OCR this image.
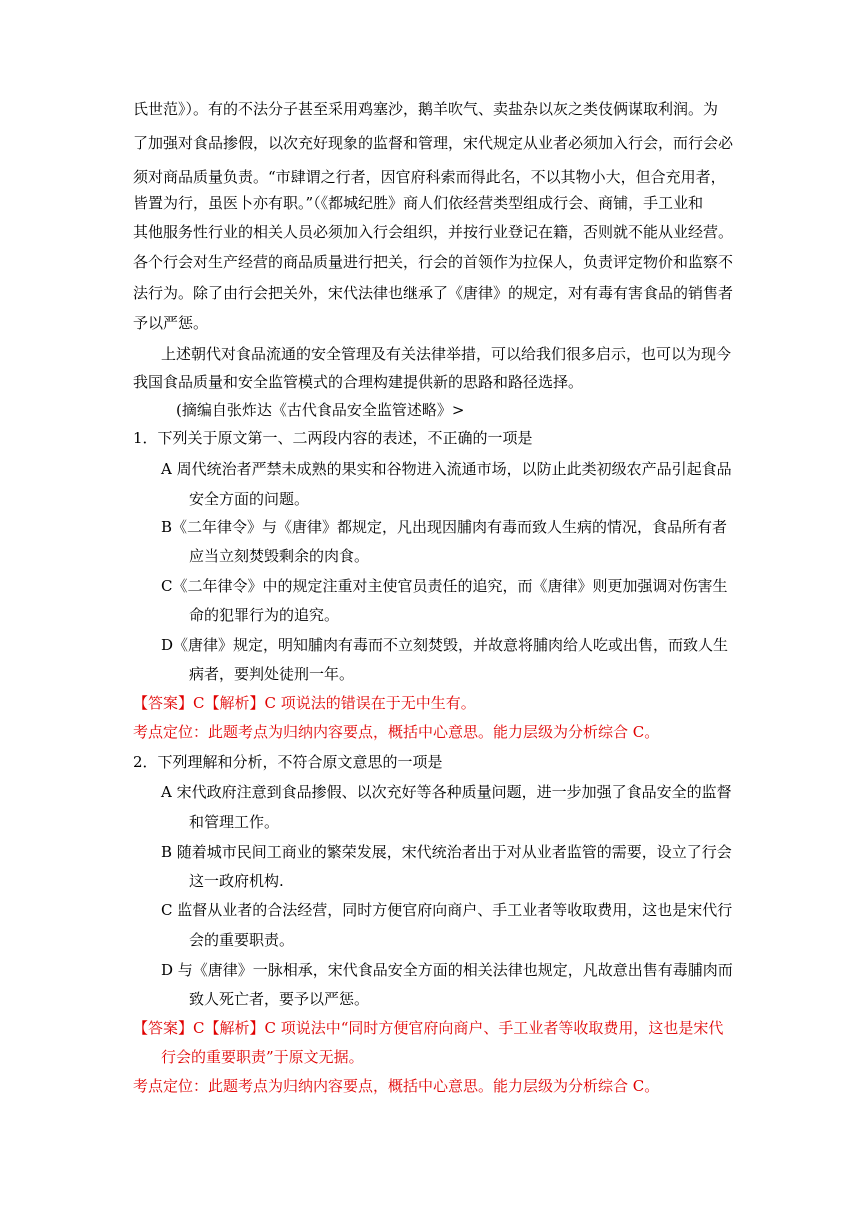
氏世范》）。有的不法分子甚至采用鸡塞沙，鹅羊吹气、卖盐杂以灰之类伎俩谋取利润。为
了加强对食品掺假，以次充好现象的监督和管理，宋代规定从业者必须加入行会，而行会必
须对商品质量负责。“市肆谓之行者，因官府科索而得此名，不以其物小大，但合充用者，
皆置为行，虽医卜亦有职。”（《都城纪胜》商人们依经营类型组成行会、商铺，手工业和
其他服务性行业的相关人员必须加入行会组织，并按行业登记在籍，否则就不能从业经营。
各个行会对生产经营的商品质量进行把关，行会的首领作为拉保人，负责评定物价和监察不
法行为。除了由行会把关外，宋代法律也继承了《唐律》的规定，对有毒有害食品的销售者
予以严惩。
上述朝代对食品流通的安全管理及有关法律举措，可以给我们很多启示，也可以为现今
我国食品质量和安全监管模式的合理构建提供新的思路和路径选择。
(摘编自张炸达《古代食品安全监管述略》>
1．下列关于原文第一、二两段内容的表述，不正确的一项是
A 周代统治者严禁未成熟的果实和谷物进入流通市场，以防止此类初级农产品引起食品
安全方面的问题。
B《二年律令》与《唐律》都规定，凡出现因脯肉有毒而致人生病的情况，食品所有者
应当立刻焚毁剩余的肉食。
C《二年律令》中的规定注重对主使官员责任的追究，而《唐律》则更加强调对伤害生
命的犯罪行为的追究。
D《唐律》规定，明知脯肉有毒而不立刻焚毁，并故意将脯肉给人吃或出售，而致人生
病者，要判处徒刑一年。
【答案】C【解析】C 项说法的错误在于无中生有。
考点定位：此题考点为归纳内容要点，概括中心意思。能力层级为分析综合 C。
2．下列理解和分析，不符合原文意思的一项是
A 宋代政府注意到食品掺假、以次充好等各种质量问题，进一步加强了食品安全的监督
和管理工作。
B 随着城市民间工商业的繁荣发展，宋代统治者出于对从业者监管的需要，设立了行会
这一政府机构.
C 监督从业者的合法经营，同时方便官府向商户、手工业者等收取费用，这也是宋代行
会的重要职责。
D 与《唐律》一脉相承，宋代食品安全方面的相关法律也规定，凡故意出售有毒脯肉而
致人死亡者，要予以严惩。
【答案】C【解析】C 项说法中“同时方便官府向商户、手工业者等收取费用，这也是宋代
行会的重要职责”于原文无据。
考点定位：此题考点为归纳内容要点，概括中心意思。能力层级为分析综合 C。
